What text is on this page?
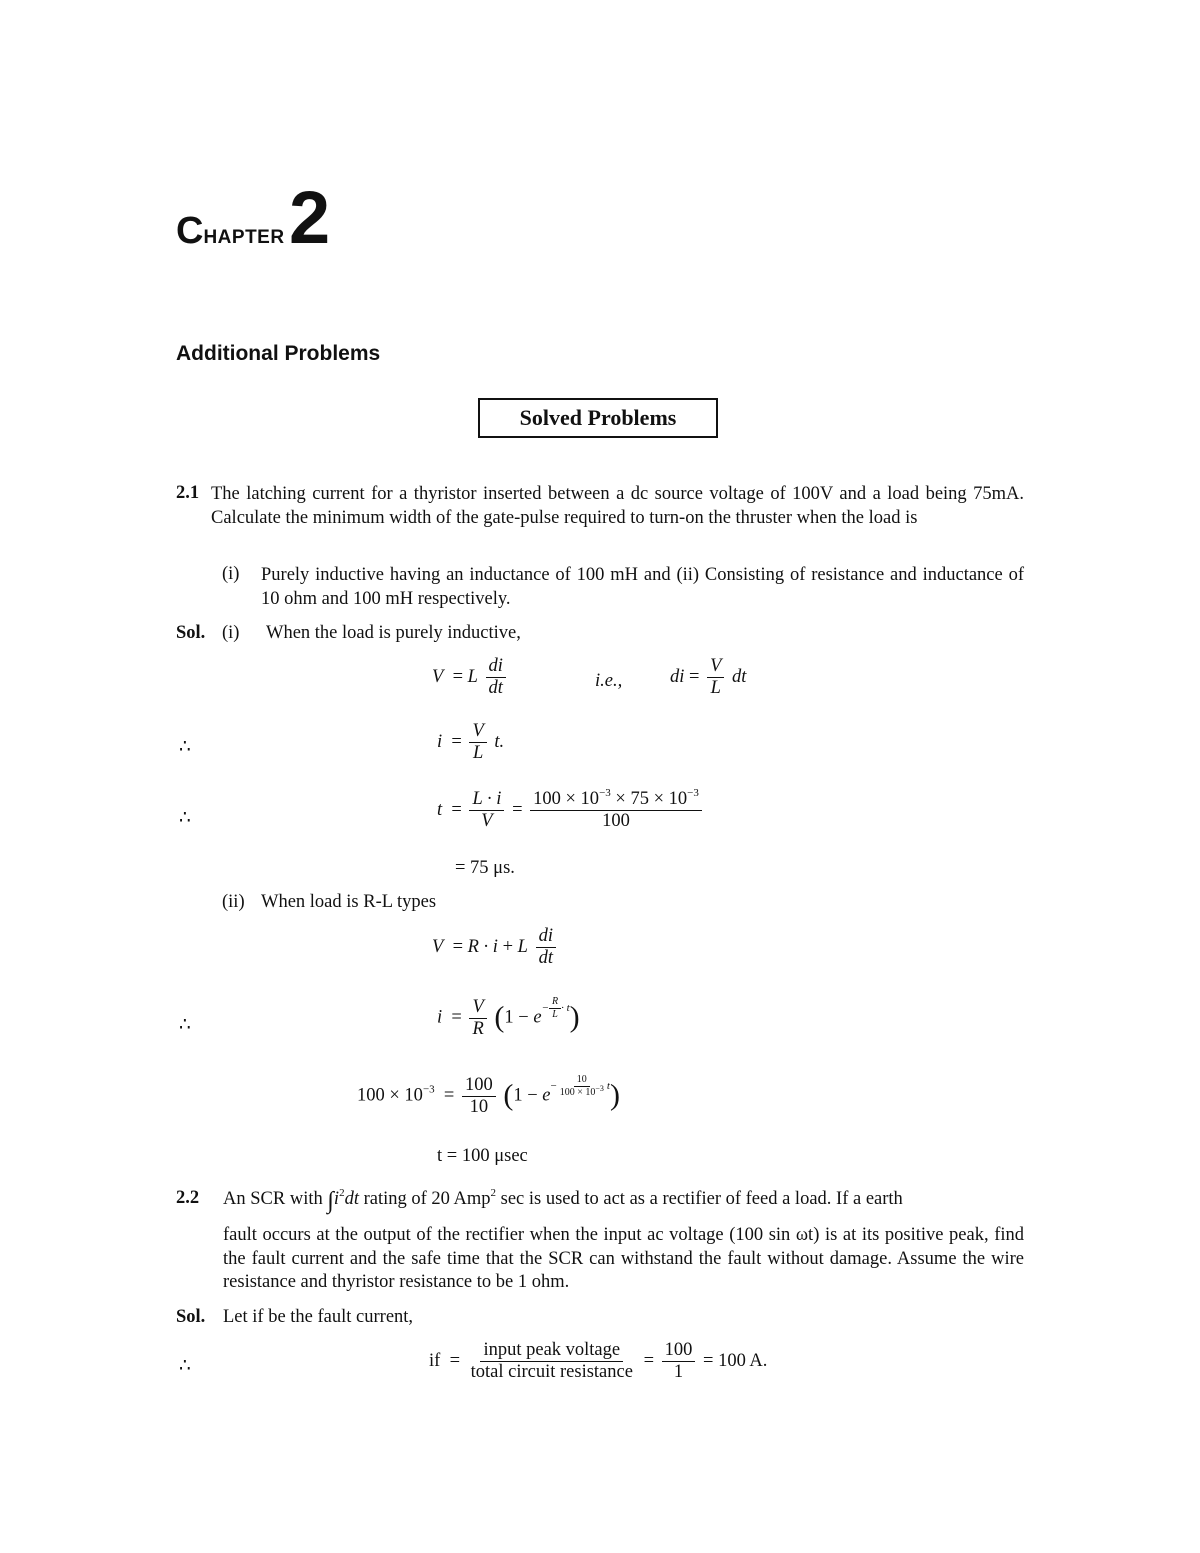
CHAPTER 2
Additional Problems
Solved Problems
2.1 The latching current for a thyristor inserted between a dc source voltage of 100V and a load being 75mA. Calculate the minimum width of the gate-pulse required to turn-on the thruster when the load is
(i) Purely inductive having an inductance of 100 mH and (ii) Consisting of resistance and inductance of 10 ohm and 100 mH respectively.
Sol. (i) When the load is purely inductive,
V  = L $\frac{di}{dt}$	i.e.,	di = $\frac{V}{L}$ dt
∴	$i = \frac{V}{L} t$.
∴	$t = \frac{L \cdot i}{V} = \frac{100 \times 10^{-3} \times 75 \times 10^{-3}}{100}$
= 75 μs.
(ii) When load is R-L types
V  = R · i + L $\frac{di}{dt}$
∴	$i = \frac{V}{R} (1 - e^{- \frac{R}{L} \cdot t})$
$100 \times 10^{-3} = \frac{100}{10} (1 - e^{- \frac{10}{100 \times 10^{-3}} t})$
t = 100 μsec
2.2 An SCR with $\int i^2dt$ rating of 20 Amp$^2$ sec is used to act as a rectifier of feed a load. If a earth
fault occurs at the output of the rectifier when the input ac voltage (100 sin ωt) is at its positive peak, find the fault current and the safe time that the SCR can withstand the fault without damage. Assume the wire resistance and thyristor resistance to be 1 ohm.
Sol. Let if be the fault current,
∴	if  = $\frac{\text{input peak voltage}}{\text{total circuit resistance}} = \frac{100}{1} = 100$ A.
